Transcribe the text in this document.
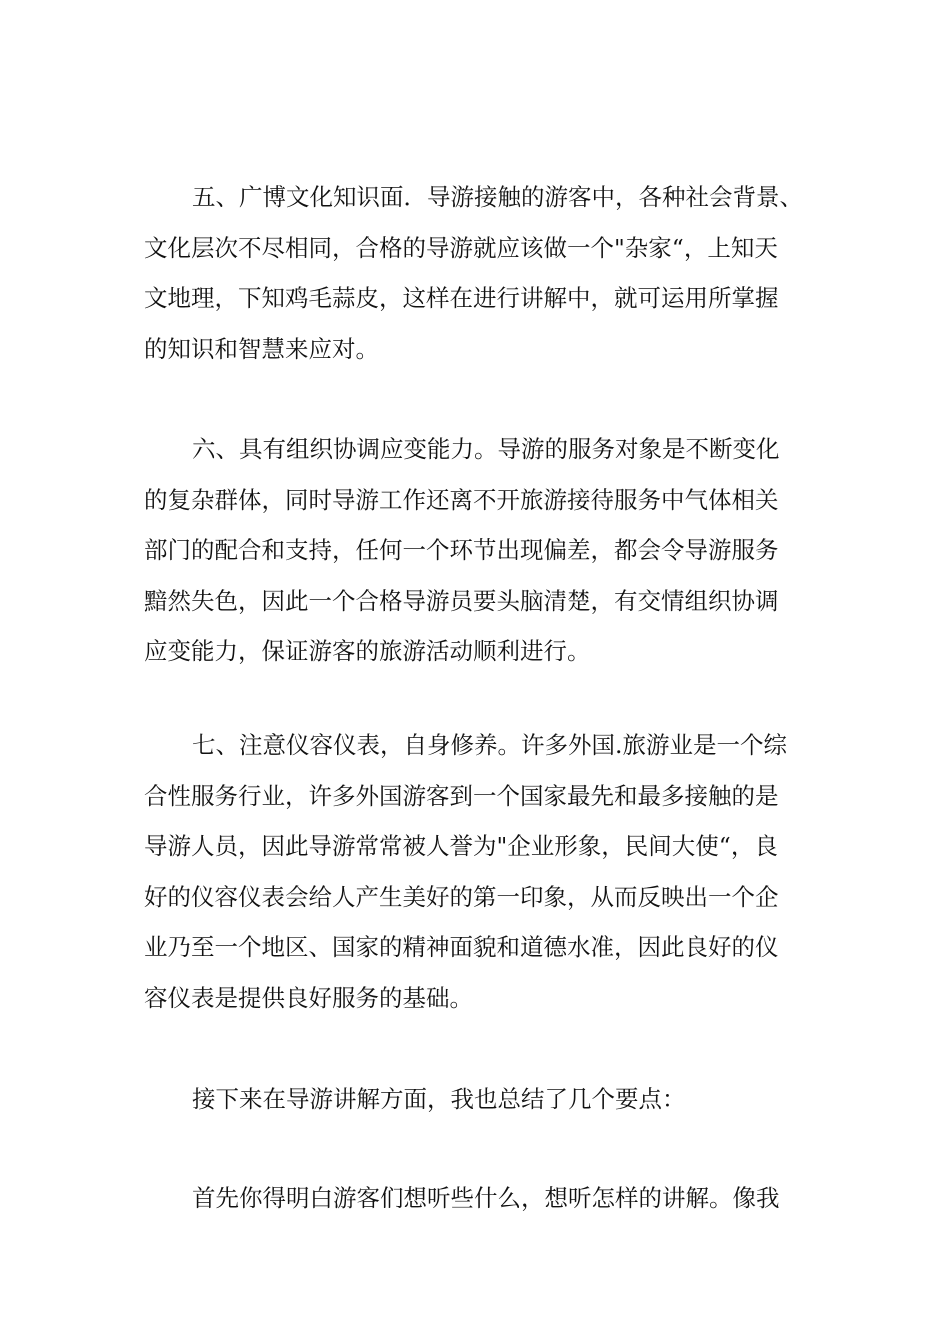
五、广博文化知识面．导游接触的游客中，各种社会背景、
文化层次不尽相同，合格的导游就应该做一个"杂家“，上知天
文地理，下知鸡毛蒜皮，这样在进行讲解中，就可运用所掌握
的知识和智慧来应对。

六、具有组织协调应变能力。导游的服务对象是不断变化
的复杂群体，同时导游工作还离不开旅游接待服务中气体相关
部门的配合和支持，任何一个环节出现偏差，都会令导游服务
黯然失色，因此一个合格导游员要头脑清楚，有交情组织协调
应变能力，保证游客的旅游活动顺利进行。

七、注意仪容仪表，自身修养。许多外国.旅游业是一个综
合性服务行业，许多外国游客到一个国家最先和最多接触的是
导游人员，因此导游常常被人誉为"企业形象，民间大使“，良
好的仪容仪表会给人产生美好的第一印象，从而反映出一个企
业乃至一个地区、国家的精神面貌和道德水准，因此良好的仪
容仪表是提供良好服务的基础。

接下来在导游讲解方面，我也总结了几个要点：

首先你得明白游客们想听些什么，想听怎样的讲解。像我
